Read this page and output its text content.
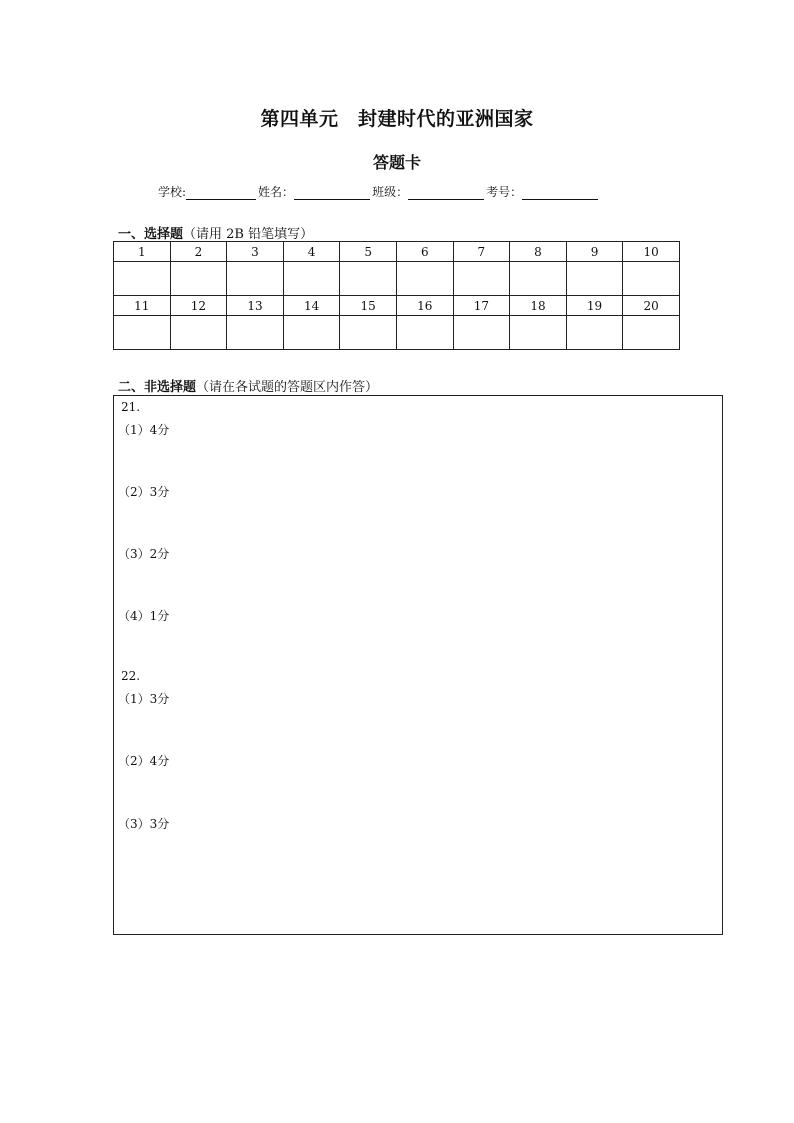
第四单元　封建时代的亚洲国家
答题卡
学校:	姓名：	班级：	考号：
一、选择题（请用 2B 铅笔填写）
1	2	3	4	5	6	7	8	9	10

11	12	13	14	15	16	17	18	19	20

二、非选择题（请在各试题的答题区内作答）
21.
（1）4分
（2）3分
（3）2分
（4）1分
22.
（1）3分
（2）4分
（3）3分
